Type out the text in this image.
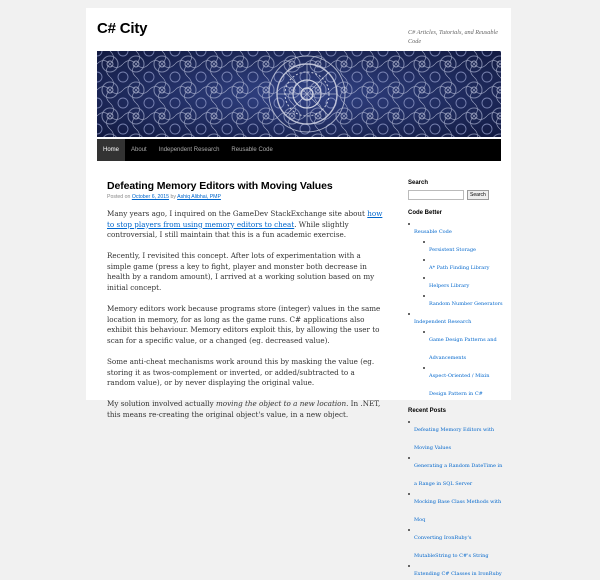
C# City	C# Articles, Tutorials, and Reusable Code
Home	About	Independent Research	Reusable Code
Defeating Memory Editors with Moving Values
Posted on October 6, 2015 by Ashiq Alibhai, PMP

Many years ago, I inquired on the GameDev StackExchange site about how to stop players from using memory editors to cheat. While slightly controversial, I still maintain that this is a fun academic exercise.

Recently, I revisited this concept. After lots of experimentation with a simple game (press a key to fight, player and monster both decrease in health by a random amount), I arrived at a working solution based on my initial concept.

Memory editors work because programs store (integer) values in the same location in memory, for as long as the game runs. C# applications also exhibit this behaviour. Memory editors exploit this, by allowing the user to scan for a specific value, or a changed (eg. decreased value).

Some anti-cheat mechanisms work around this by masking the value (eg. storing it as twos-complement or inverted, or added/subtracted to a random value), or by never displaying the original value.

My solution involved actually moving the object to a new location. In .NET, this means re-creating the original object's value, in a new object.

Search
Search
Code Better
Reusable Code
Persistent Storage
A* Path Finding Library
Helpers Library
Random Number Generators
Independent Research
Game Design Patterns and Advancements
Aspect-Oriented / Mixin Design Pattern in C#
Recent Posts
Defeating Memory Editors with Moving Values
Generating a Random DateTime in a Range in SQL Server
Mocking Base Class Methods with Moq
Converting IronRuby's MutableString to C#'s String
Extending C# Classes in IronRuby
